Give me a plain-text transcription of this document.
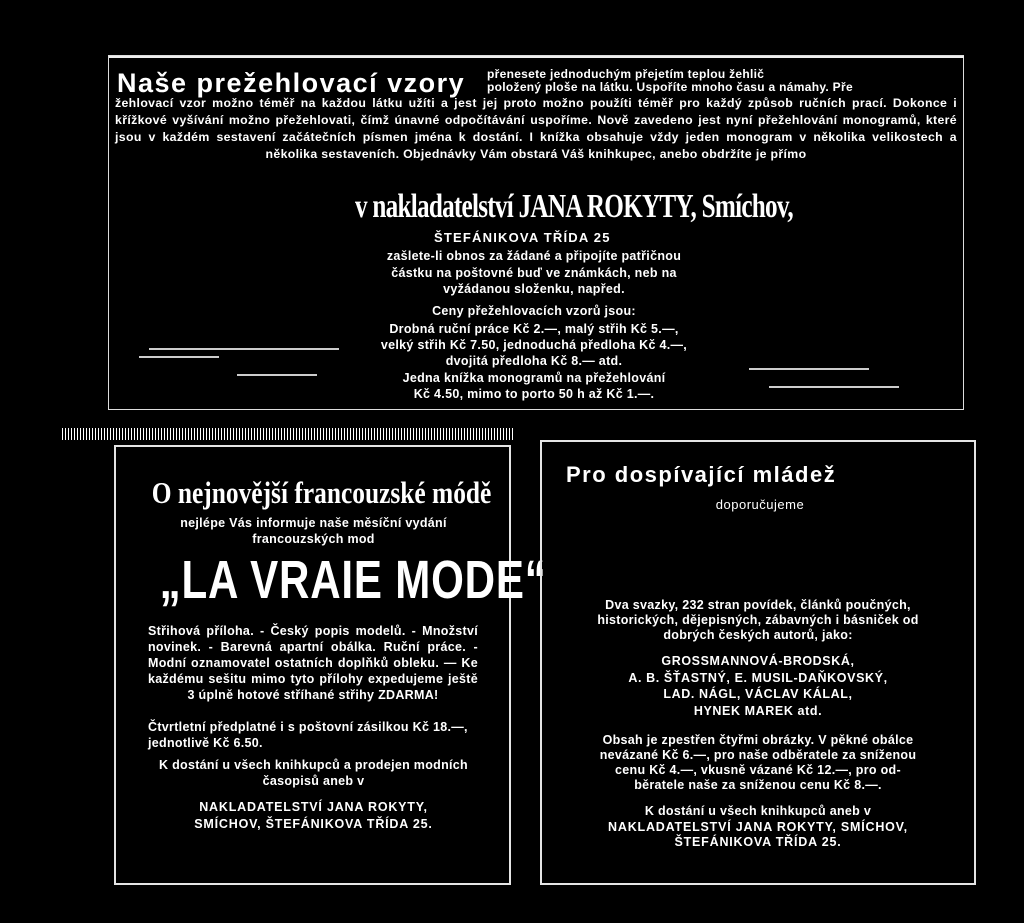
Naše prežehlovací vzory přenesete jednoduchým přejetím teplou žehlič
položený ploše na látku. Uspoříte mnoho času a námahy. Pře

žehlovací vzor možno téměř na každou látku užíti a jest jej proto možno použíti téměř pro každý způsob ručních prací. Dokonce i křížkové vyšívání možno přežehlovati, čímž únavné odpočítávání uspoříme. Nově zavedeno jest nyní přežehlování monogramů, které jsou v každém sestavení začátečních písmen jména k dostání. I knížka obsahuje vždy jeden monogram v několika velikostech a několika sestaveních. Objednávky Vám obstará Váš knihkupec, anebo obdržíte je přímo

v nakladatelství JANA ROKYTY, Smíchov,
ŠTEFÁNIKOVA TŘÍDA 25
zašlete-li obnos za žádané a připojíte patřičnou
částku na poštovné buď ve známkách, neb na
vyžádanou složenku, napřed.
Ceny přežehlovacích vzorů jsou:
Drobná ruční práce Kč 2.—, malý střih Kč 5.—,
velký střih Kč 7.50, jednoduchá předloha Kč 4.—,
dvojitá předloha Kč 8.— atd.
Jedna knížka monogramů na přežehlování
Kč 4.50, mimo to porto 50 h až Kč 1.—.
O nejnovější francouzské módě
nejlépe Vás informuje naše měsíční vydání
francouzských mod
„LA VRAIE MODE“
Střihová příloha. - Český popis modelů. - Množství novinek. - Barevná apartní obálka. Ruční práce. - Modní oznamovatel ostatních doplňků obleku. — Ke každému sešitu mimo tyto přílohy expedujeme ještě 3 úplně hotové stříhané střihy ZDARMA!
Čtvrtletní předplatné i s poštovní zásilkou Kč 18.—, jednotlivě Kč 6.50.
K dostání u všech knihkupců a prodejen modních časopisů aneb v
NAKLADATELSTVÍ JANA ROKYTY,
SMÍCHOV, ŠTEFÁNIKOVA TŘÍDA 25.
Pro dospívající mládež
doporučujeme
Dva svazky, 232 stran povídek, článků poučných,
historických, dějepisných, zábavných i básniček od
dobrých českých autorů, jako:
GROSSMANNOVÁ-BRODSKÁ,
A. B. ŠŤASTNÝ, E. MUSIL-DAŇKOVSKÝ,
LAD. NÁGL, VÁCLAV KÁLAL,
HYNEK MAREK atd.
Obsah je zpestřen čtyřmi obrázky. V pěkné obálce
nevázané Kč 6.—, pro naše odběratele za sníženou
cenu Kč 4.—, vkusně vázané Kč 12.—, pro od-
běratele naše za sníženou cenu Kč 8.—.
K dostání u všech knihkupců aneb v
NAKLADATELSTVÍ JANA ROKYTY, SMÍCHOV,
ŠTEFÁNIKOVA TŘÍDA 25.
